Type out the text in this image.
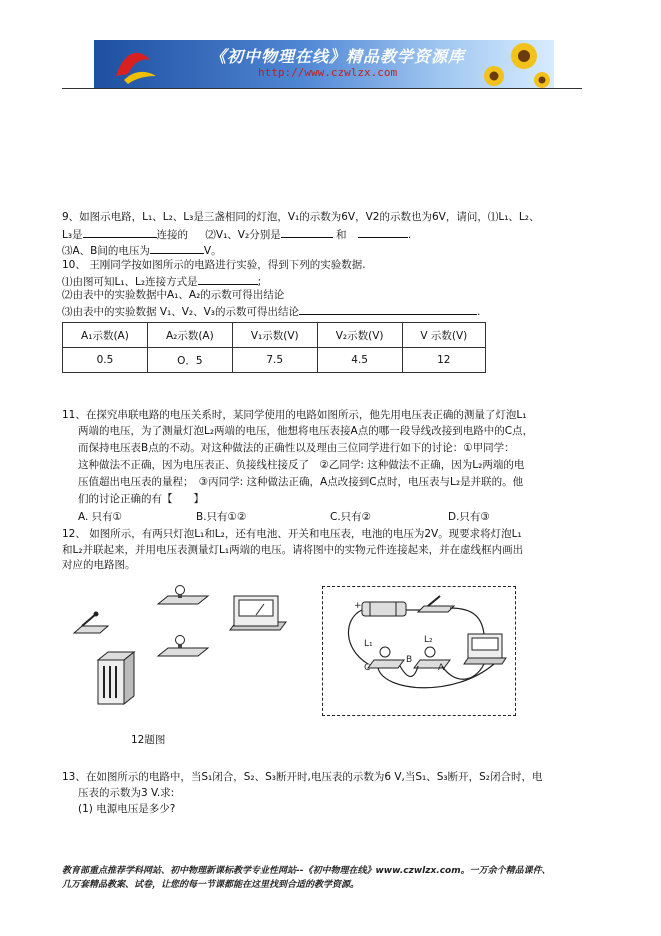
《初中物理在线》精品教学资源库
http://www.czwlzx.com
9、如图示电路，L₁、L₂、L₃是三盏相同的灯泡，V₁的示数为6V，V2的示数也为6V，请问，⑴L₁、L₂、
L₃是	连接的 ⑵V₁、V₂分别是	和	.
⑶A、B间的电压为	V。
10、 王刚同学按如图所示的电路进行实验，得到下列的实验数据.
⑴由图可知L₁、L₂连接方式是	;
⑵由表中的实验数据中A₁、A₂的示数可得出结论
⑶由表中的实验数据 V₁、V₂、V₃的示数可得出结论	.
A₁示数(A)	A₂示数(A)	V₁示数(V)	V₂示数(V)	V 示数(V)
0.5	O．5	7.5	4.5	12
11、在探究串联电路的电压关系时，某同学使用的电路如图所示，他先用电压表正确的测量了灯泡L₁
两端的电压，为了测量灯泡L₂两端的电压，他想将电压表接A点的哪一段导线改接到电路中的C点，
而保持电压表B点的不动。对这种做法的正确性以及理由三位同学进行如下的讨论：①甲同学：
这种做法不正确，因为电压表正、负接线柱接反了　②乙同学: 这种做法不正确，因为L₂两端的电
压值超出电压表的量程；　③丙同学: 这种做法正确，A点改接到C点时，电压表与L₂是并联的。他
们的讨论正确的有【　　】
A. 只有①	B.只有①②	C.只有②	D.只有③
12、 如图所示，有两只灯泡L₁和L₂，还有电池、开关和电压表，电池的电压为2V。现要求将灯泡L₁
和L₂并联起来，并用电压表测量灯L₁两端的电压。请将图中的实物元件连接起来，并在虚线框内画出
对应的电路图。
12题图
+
L₁	L₂
B
C	A
13、在如图所示的电路中，当S₁闭合，S₂、S₃断开时,电压表的示数为6 V,当S₁、S₃断开，S₂闭合时，电
压表的示数为3 V.求:
(1) 电源电压是多少?
教育部重点推荐学科网站、初中物理新课标教学专业性网站--《初中物理在线》www.czwlzx.com。一万余个精品课件、
几万套精品教案、试卷，让您的每一节课都能在这里找到合适的教学资源。
